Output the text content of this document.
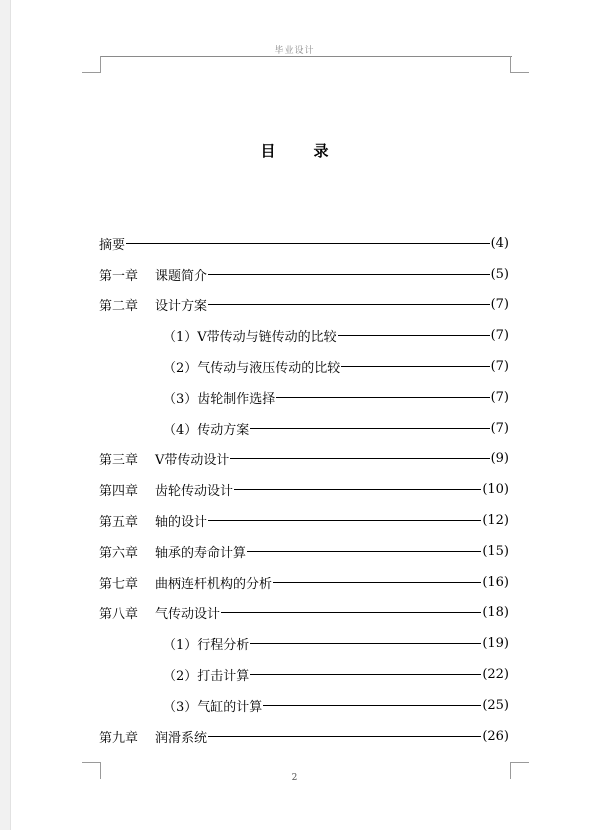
毕业设计
目录
摘要	(4)
第一章	课题简介	(5)
第二章	设计方案	(7)
（1）V带传动与链传动的比较	(7)
（2）气传动与液压传动的比较	(7)
（3）齿轮制作选择	(7)
（4）传动方案	(7)
第三章	V带传动设计	(9)
第四章	齿轮传动设计	(10)
第五章	轴的设计	(12)
第六章	轴承的寿命计算	(15)
第七章	曲柄连杆机构的分析	(16)
第八章	气传动设计	(18)
（1）行程分析	(19)
（2）打击计算	(22)
（3）气缸的计算	(25)
第九章	润滑系统	(26)
2
